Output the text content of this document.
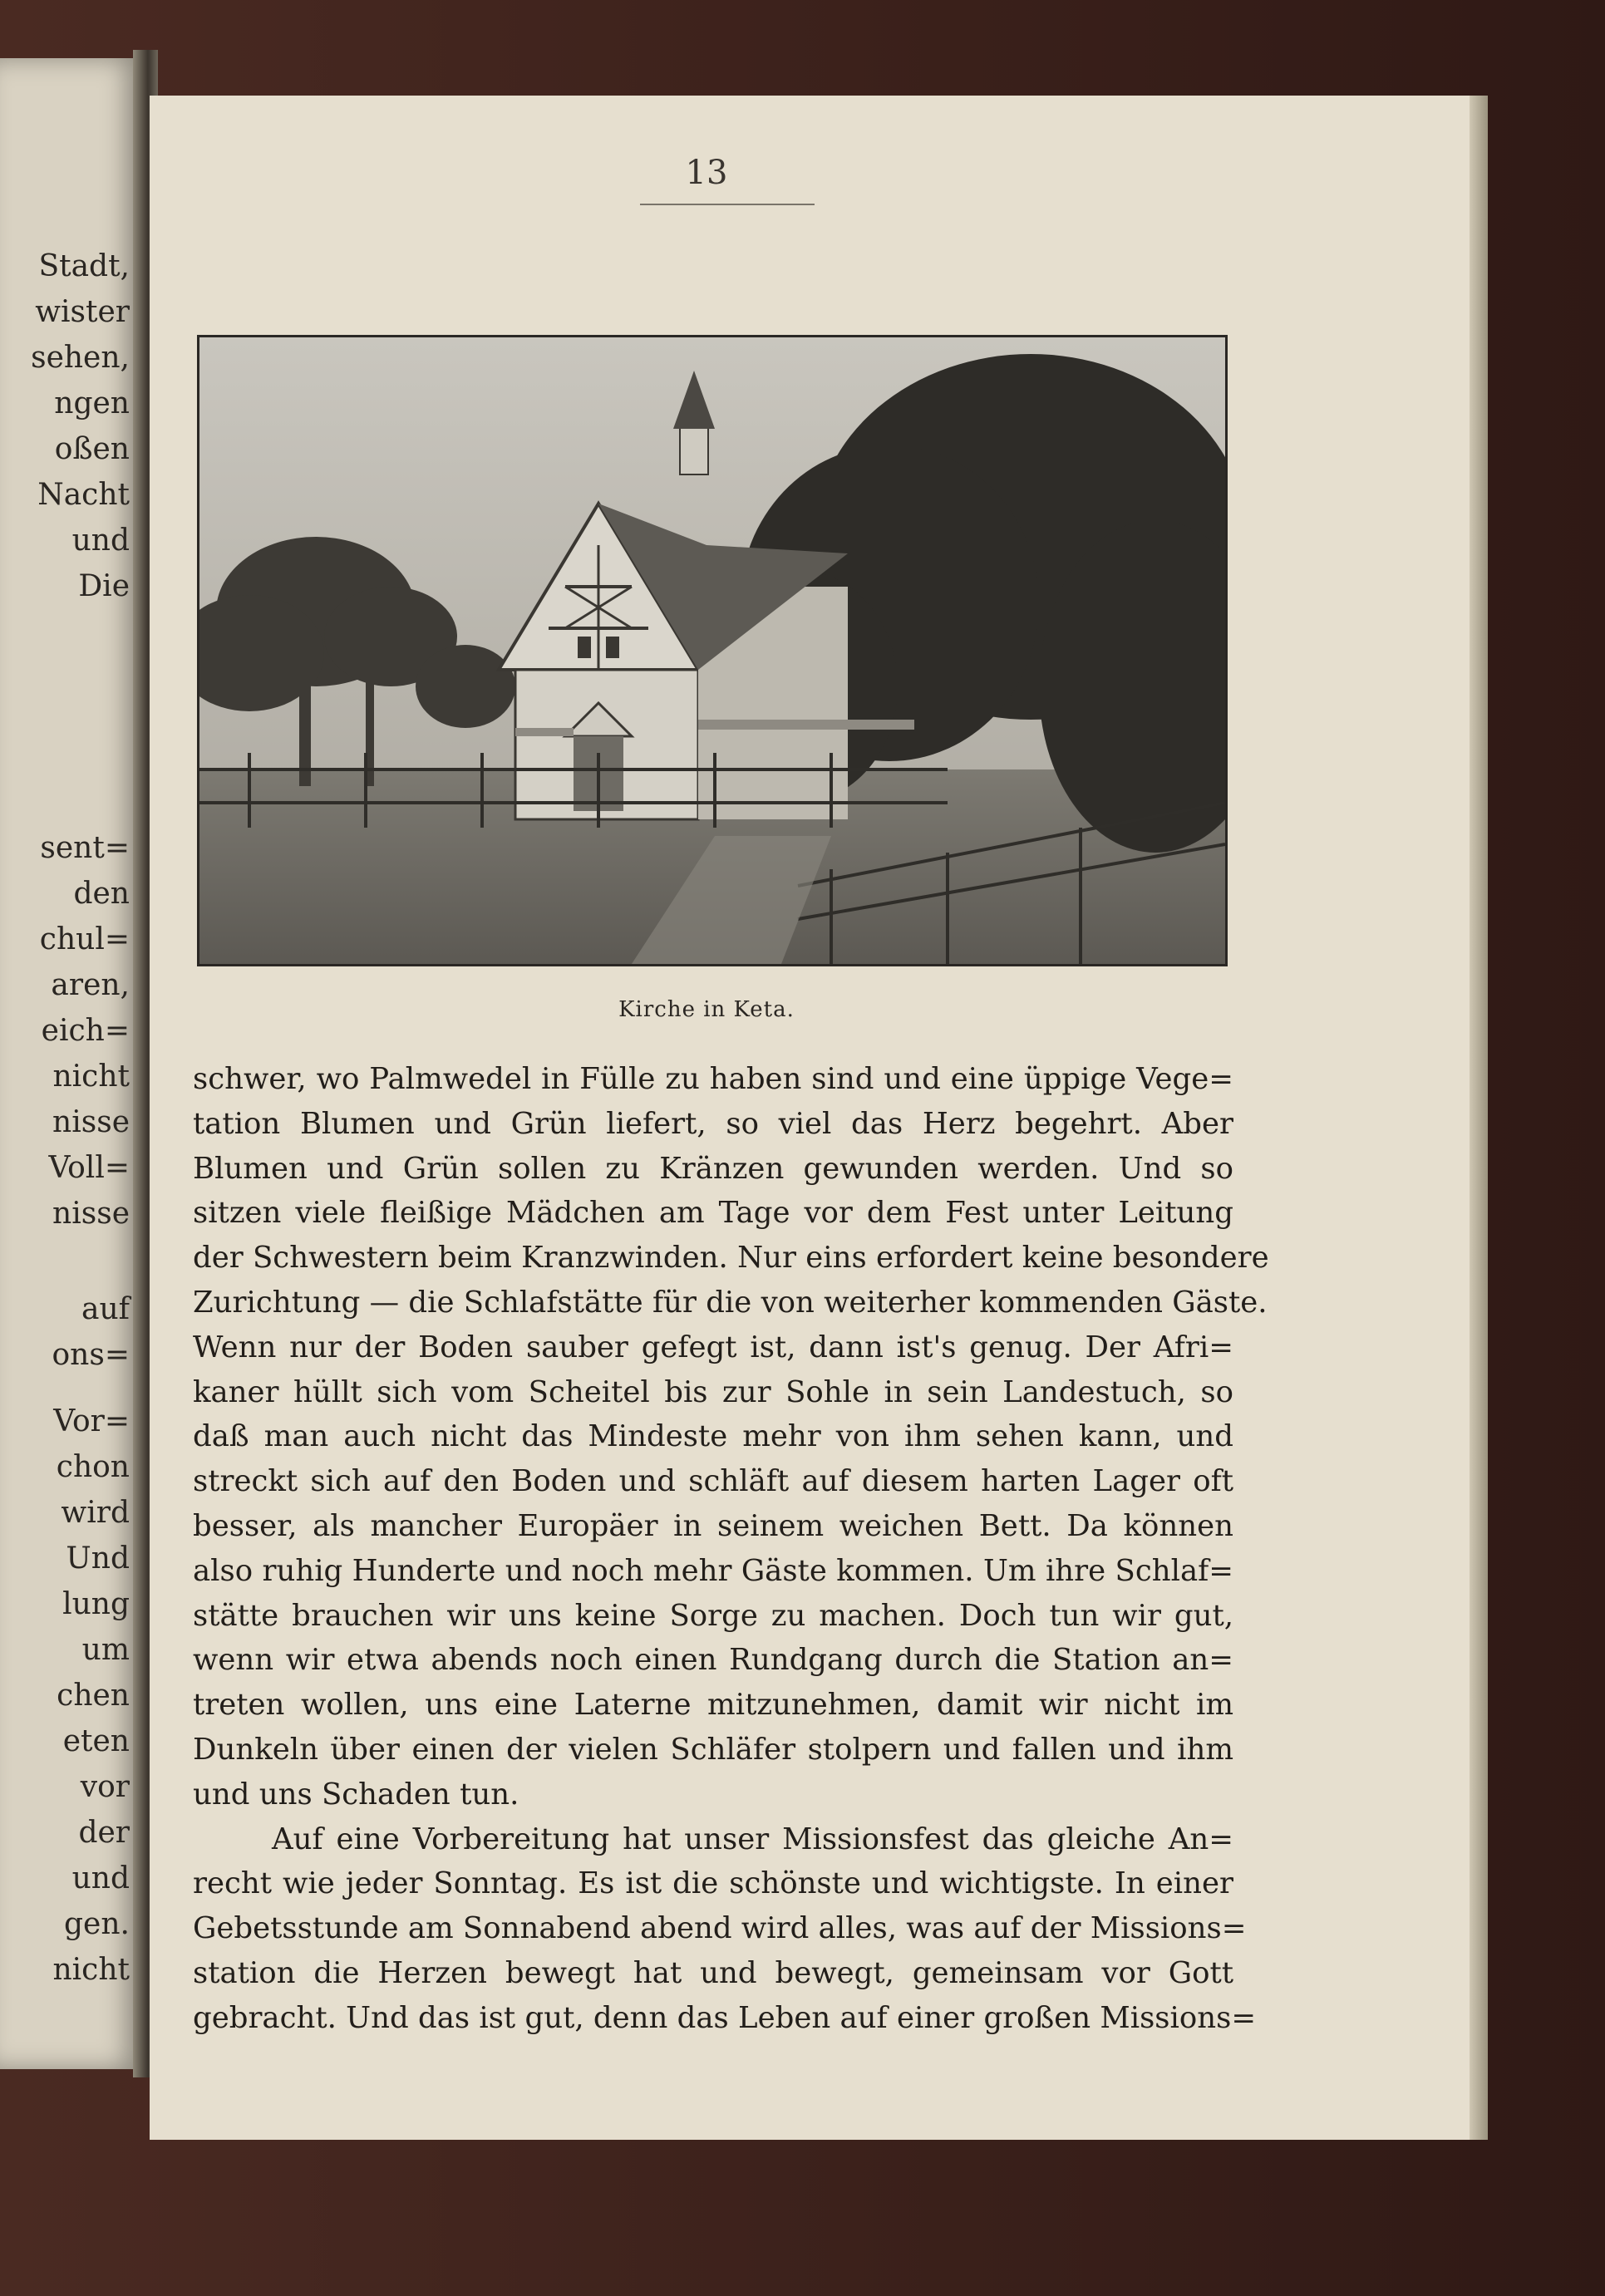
Stadt,
wister
sehen,
ngen
oßen
Nacht
und
Die
sent=
den
chul=
aren,
eich=
nicht
nisse
Voll=
nisse
auf
ons=
Vor=
chon
wird
Und
lung
um
chen
eten
vor
der
und
gen.
nicht
13
Kirche in Keta.
schwer, wo Palmwedel in Fülle zu haben sind und eine üppige Vege=
tation Blumen und Grün liefert, so viel das Herz begehrt. Aber
Blumen und Grün sollen zu Kränzen gewunden werden. Und so
sitzen viele fleißige Mädchen am Tage vor dem Fest unter Leitung
der Schwestern beim Kranzwinden. Nur eins erfordert keine besondere
Zurichtung — die Schlafstätte für die von weiterher kommenden Gäste.
Wenn nur der Boden sauber gefegt ist, dann ist's genug. Der Afri=
kaner hüllt sich vom Scheitel bis zur Sohle in sein Landestuch, so
daß man auch nicht das Mindeste mehr von ihm sehen kann, und
streckt sich auf den Boden und schläft auf diesem harten Lager oft
besser, als mancher Europäer in seinem weichen Bett. Da können
also ruhig Hunderte und noch mehr Gäste kommen. Um ihre Schlaf=
stätte brauchen wir uns keine Sorge zu machen. Doch tun wir gut,
wenn wir etwa abends noch einen Rundgang durch die Station an=
treten wollen, uns eine Laterne mitzunehmen, damit wir nicht im
Dunkeln über einen der vielen Schläfer stolpern und fallen und ihm
und uns Schaden tun.
Auf eine Vorbereitung hat unser Missionsfest das gleiche An=
recht wie jeder Sonntag. Es ist die schönste und wichtigste. In einer
Gebetsstunde am Sonnabend abend wird alles, was auf der Missions=
station die Herzen bewegt hat und bewegt, gemeinsam vor Gott
gebracht. Und das ist gut, denn das Leben auf einer großen Missions=
